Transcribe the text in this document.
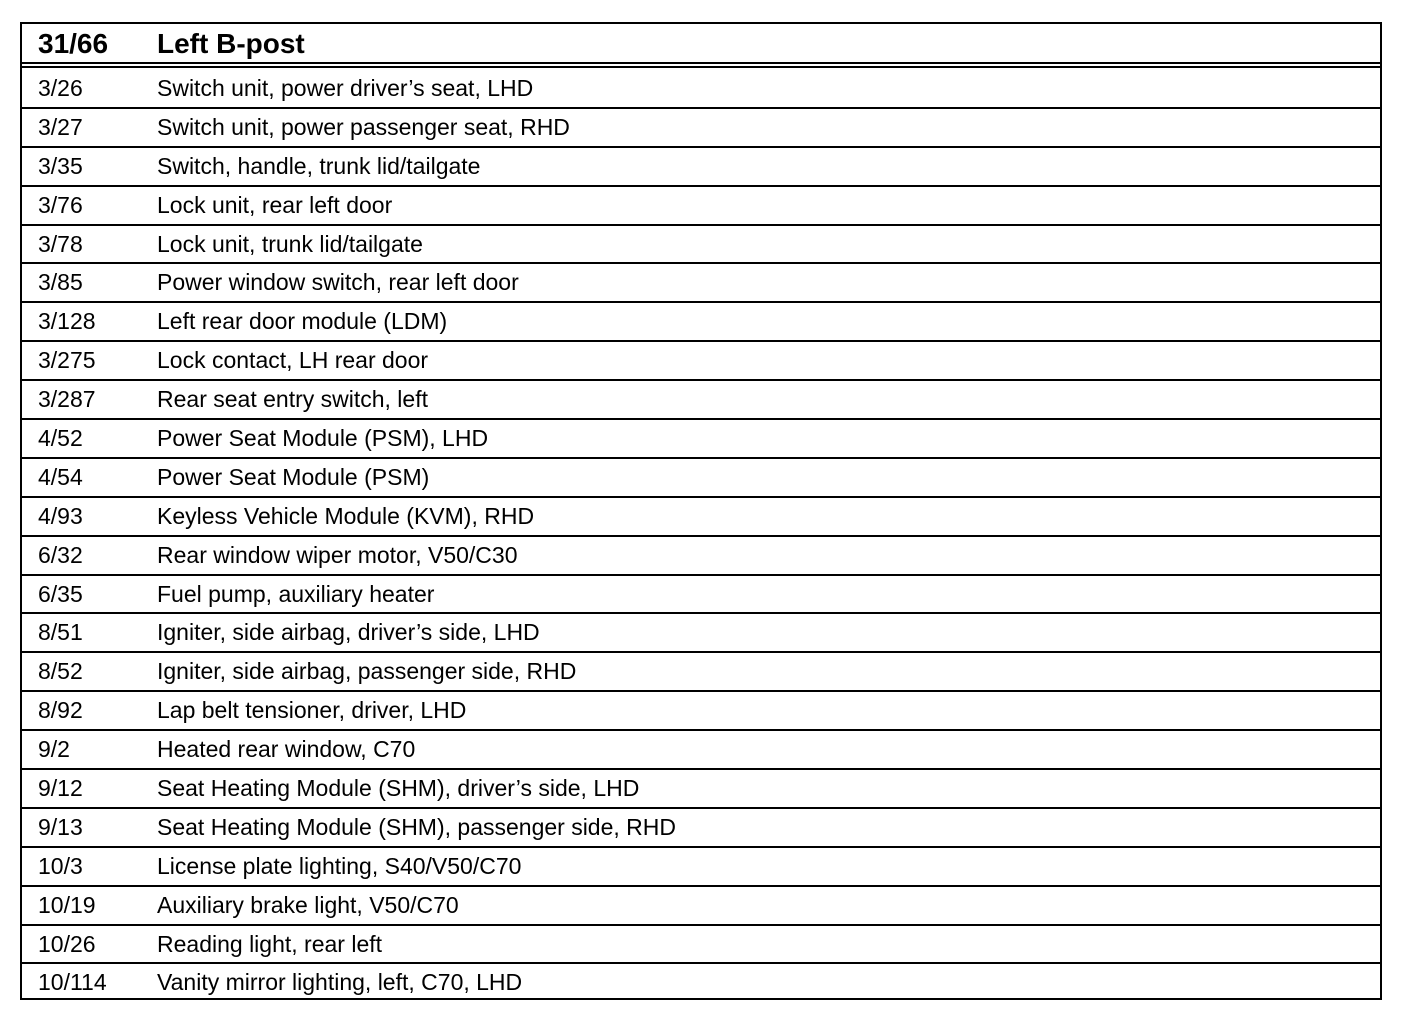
31/66 Left B-post
3/26	Switch unit, power driver’s seat, LHD
3/27	Switch unit, power passenger seat, RHD
3/35	Switch, handle, trunk lid/tailgate
3/76	Lock unit, rear left door
3/78	Lock unit, trunk lid/tailgate
3/85	Power window switch, rear left door
3/128	Left rear door module (LDM)
3/275	Lock contact, LH rear door
3/287	Rear seat entry switch, left
4/52	Power Seat Module (PSM), LHD
4/54	Power Seat Module (PSM)
4/93	Keyless Vehicle Module (KVM), RHD
6/32	Rear window wiper motor, V50/C30
6/35	Fuel pump, auxiliary heater
8/51	Igniter, side airbag, driver’s side, LHD
8/52	Igniter, side airbag, passenger side, RHD
8/92	Lap belt tensioner, driver, LHD
9/2	Heated rear window, C70
9/12	Seat Heating Module (SHM), driver’s side, LHD
9/13	Seat Heating Module (SHM), passenger side, RHD
10/3	License plate lighting, S40/V50/C70
10/19	Auxiliary brake light, V50/C70
10/26	Reading light, rear left
10/114 Vanity mirror lighting, left, C70, LHD
